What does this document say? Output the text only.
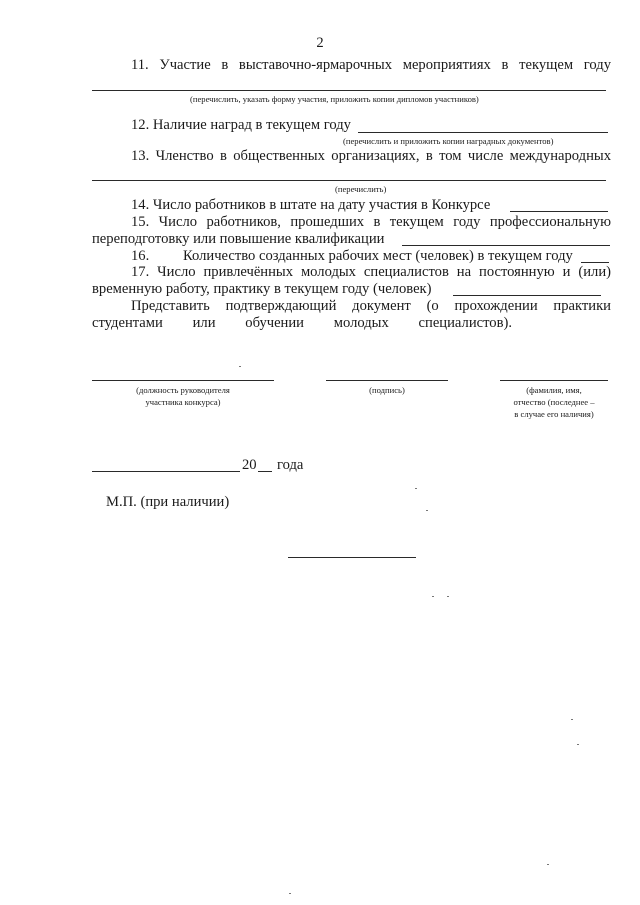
2
11. Участие в выставочно-ярмарочных мероприятиях в текущем году
(перечислить, указать форму участия, приложить копии дипломов участников)
12. Наличие наград в текущем году
(перечислить и приложить копии наградных документов)
13. Членство в общественных организациях, в том числе международных
(перечислить)
14. Число работников в штате на дату участия в Конкурсе
15. Число работников, прошедших в текущем году профессиональную
переподготовку или повышение квалификации
16. Количество созданных рабочих мест (человек) в текущем году
17. Число привлечённых молодых специалистов на постоянную и (или)
временную работу, практику в текущем году (человек)
Представить подтверждающий документ (о прохождении практики
студентами или обучении молодых специалистов).
(должность руководителя
участника конкурса)
(подпись)	(фамилия, имя,
отчество (последнее –
в случае его наличия)
20 года
М.П. (при наличии)
